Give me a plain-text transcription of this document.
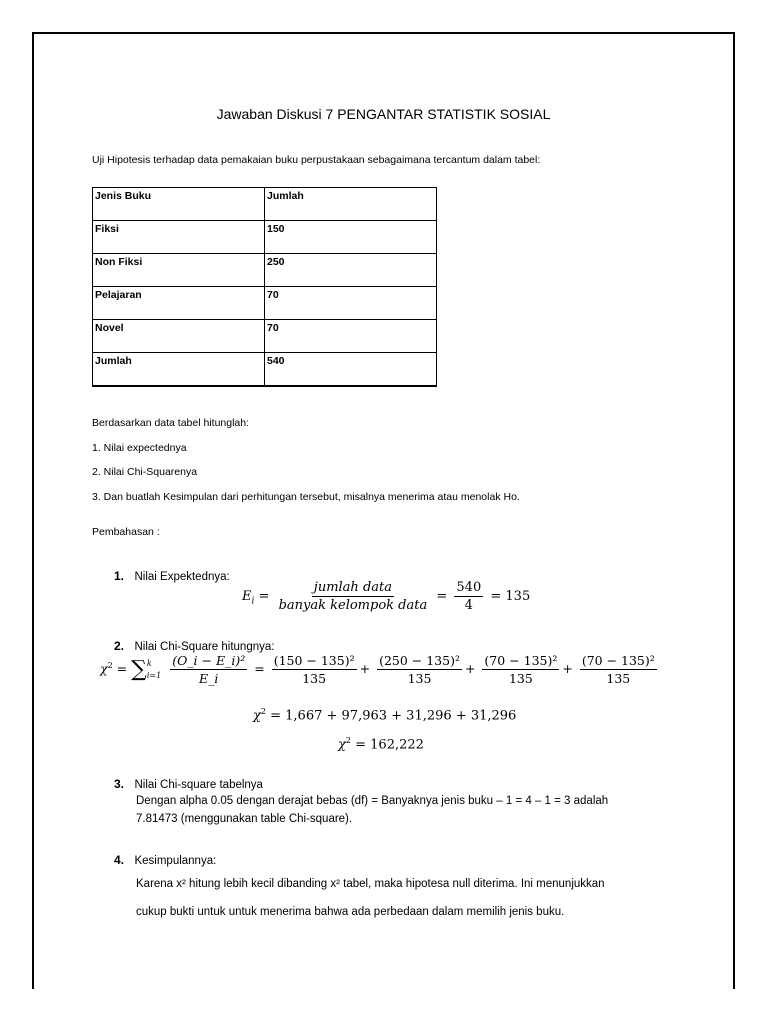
Jawaban Diskusi 7 PENGANTAR STATISTIK SOSIAL
Uji Hipotesis terhadap data pemakaian buku perpustakaan sebagaimana tercantum dalam tabel:
Jenis Buku	Jumlah
Fiksi	150
Non Fiksi	250
Pelajaran	70
Novel	70
Jumlah	540
Berdasarkan data tabel hitunglah:
1. Nilai expectednya
2. Nilai Chi-Squarenya
3. Dan buatlah Kesimpulan dari perhitungan tersebut, misalnya menerima atau menolak Ho.
Pembahasan :
1. Nilai Expektednya:
$E_i = \frac{\text{jumlah data}}{\text{banyak kelompok data}} = \frac{540}{4} = 135$
2. Nilai Chi-Square hitungnya:
$\chi^2$ = ∑ k
i=1
$\frac{\text{(O\_i − E\_i)²}}{E\_i} = \frac{\text{(150 − 135)²}}{135} + \frac{\text{(250 − 135)²}}{135} + \frac{\text{(70 − 135)²}}{135} + \frac{\text{(70 − 135)²}}{135}$
$\chi^2 = 1,667 + 97,963 + 31,296 + 31,296$
$\chi^2 = 162,222$
3. Nilai Chi-square tabelnya
Dengan alpha 0.05 dengan derajat bebas (df) = Banyaknya jenis buku – 1 = 4 – 1 = 3 adalah
7.81473 (menggunakan table Chi-square).
4. Kesimpulannya:
Karena x² hitung lebih kecil dibanding x² tabel, maka hipotesa null diterima. Ini menunjukkan
cukup bukti untuk untuk menerima bahwa ada perbedaan dalam memilih jenis buku.
